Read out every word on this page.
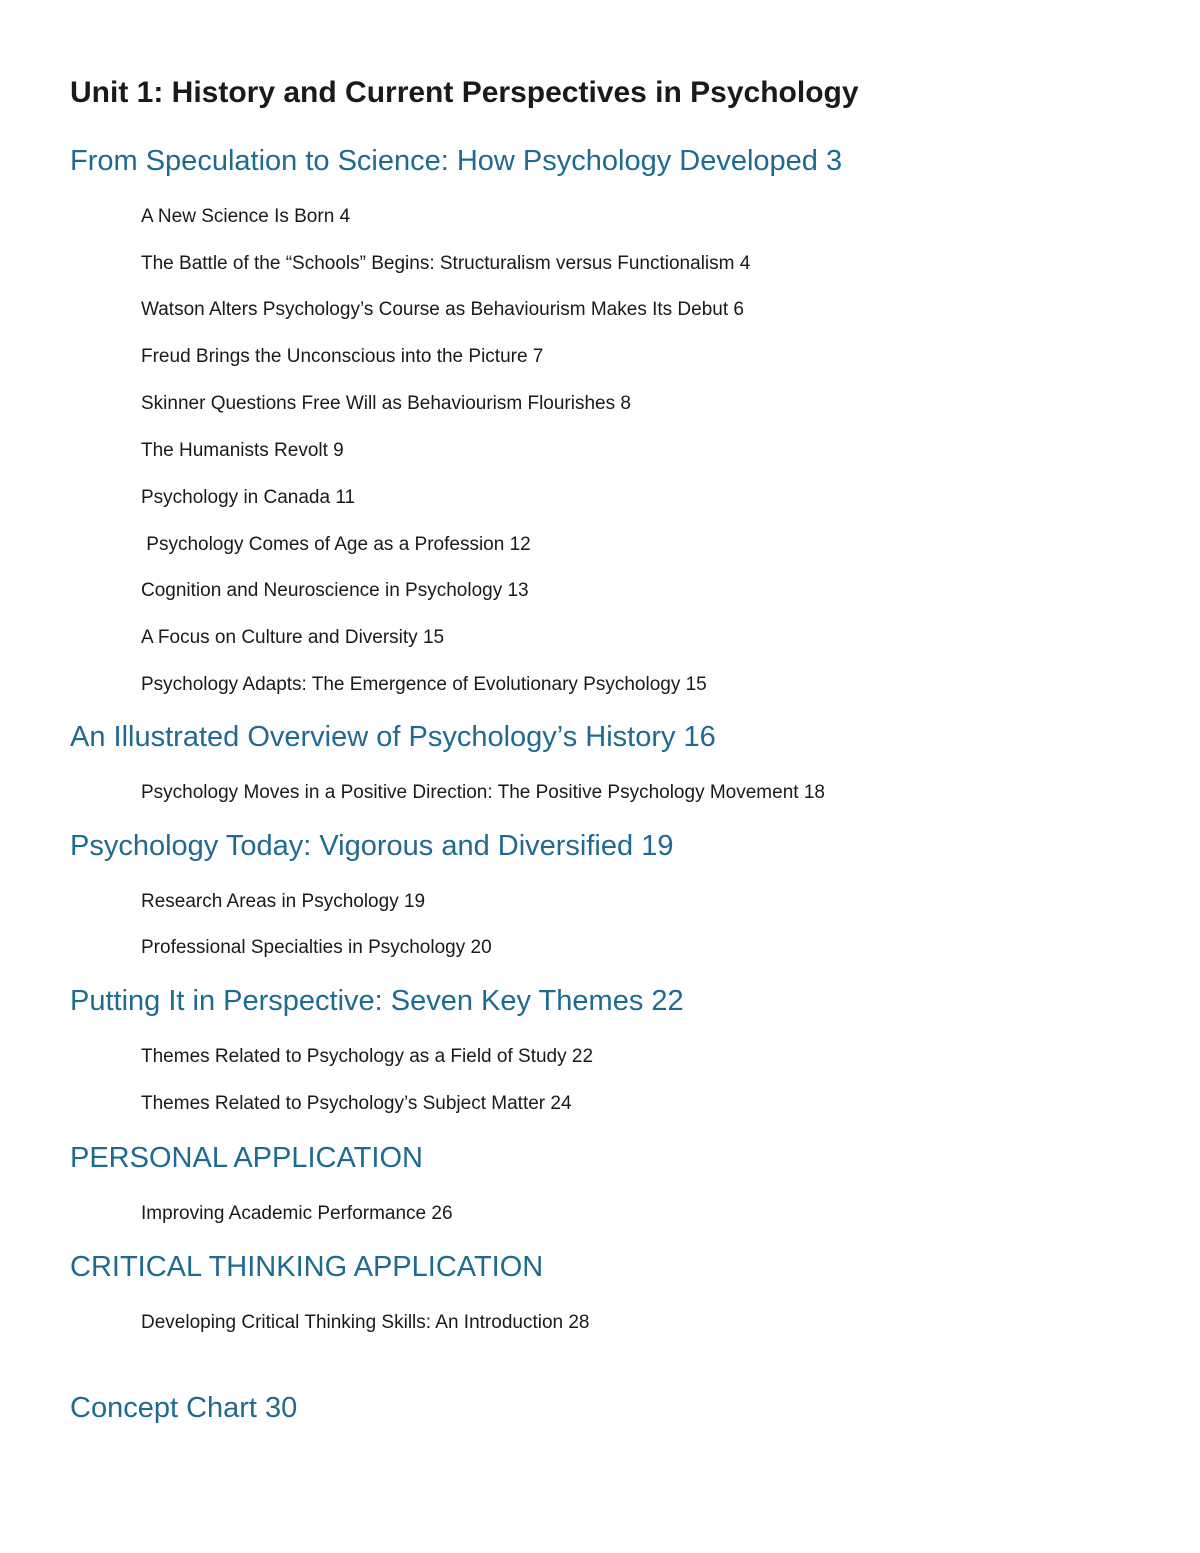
Unit 1: History and Current Perspectives in Psychology
From Speculation to Science: How Psychology Developed 3

A New Science Is Born 4

The Battle of the “Schools” Begins: Structuralism versus Functionalism 4

Watson Alters Psychology’s Course as Behaviourism Makes Its Debut 6

Freud Brings the Unconscious into the Picture 7

Skinner Questions Free Will as Behaviourism Flourishes 8

The Humanists Revolt 9

Psychology in Canada 11

Psychology Comes of Age as a Profession 12

Cognition and Neuroscience in Psychology 13

A Focus on Culture and Diversity 15

Psychology Adapts: The Emergence of Evolutionary Psychology 15

An Illustrated Overview of Psychology’s History 16

Psychology Moves in a Positive Direction: The Positive Psychology Movement 18

Psychology Today: Vigorous and Diversified 19

Research Areas in Psychology 19

Professional Specialties in Psychology 20

Putting It in Perspective: Seven Key Themes 22

Themes Related to Psychology as a Field of Study 22

Themes Related to Psychology’s Subject Matter 24

PERSONAL APPLICATION

Improving Academic Performance 26

CRITICAL THINKING APPLICATION

Developing Critical Thinking Skills: An Introduction 28

Concept Chart 30
